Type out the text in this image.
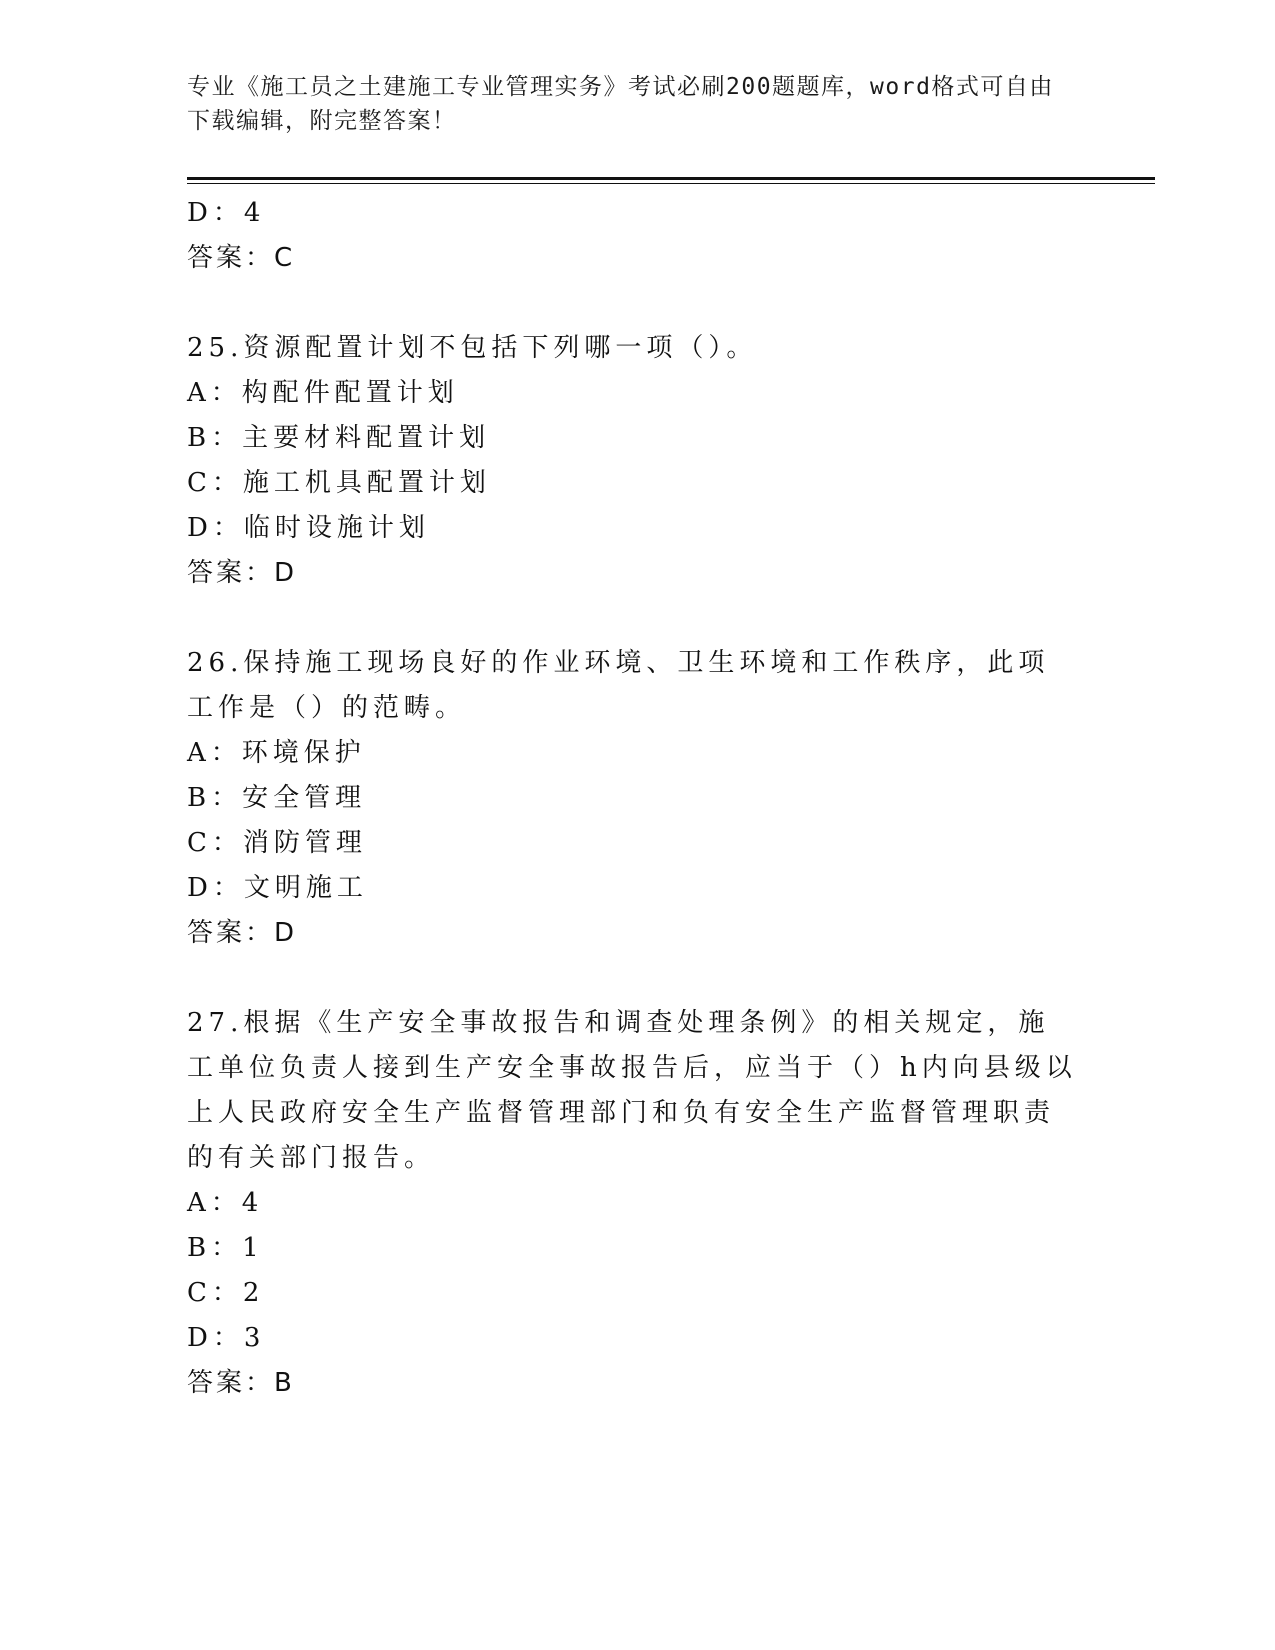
专业《施工员之土建施工专业管理实务》考试必刷200题题库，word格式可自由下载编辑，附完整答案！
D：4
答案：C
25.资源配置计划不包括下列哪一项（）。
A：构配件配置计划
B：主要材料配置计划
C：施工机具配置计划
D：临时设施计划
答案：D
26.保持施工现场良好的作业环境、卫生环境和工作秩序，此项工作是（）的范畴。
A：环境保护
B：安全管理
C：消防管理
D：文明施工
答案：D
27.根据《生产安全事故报告和调查处理条例》的相关规定，施工单位负责人接到生产安全事故报告后，应当于（）h内向县级以上人民政府安全生产监督管理部门和负有安全生产监督管理职责的有关部门报告。
A：4
B：1
C：2
D：3
答案：B
